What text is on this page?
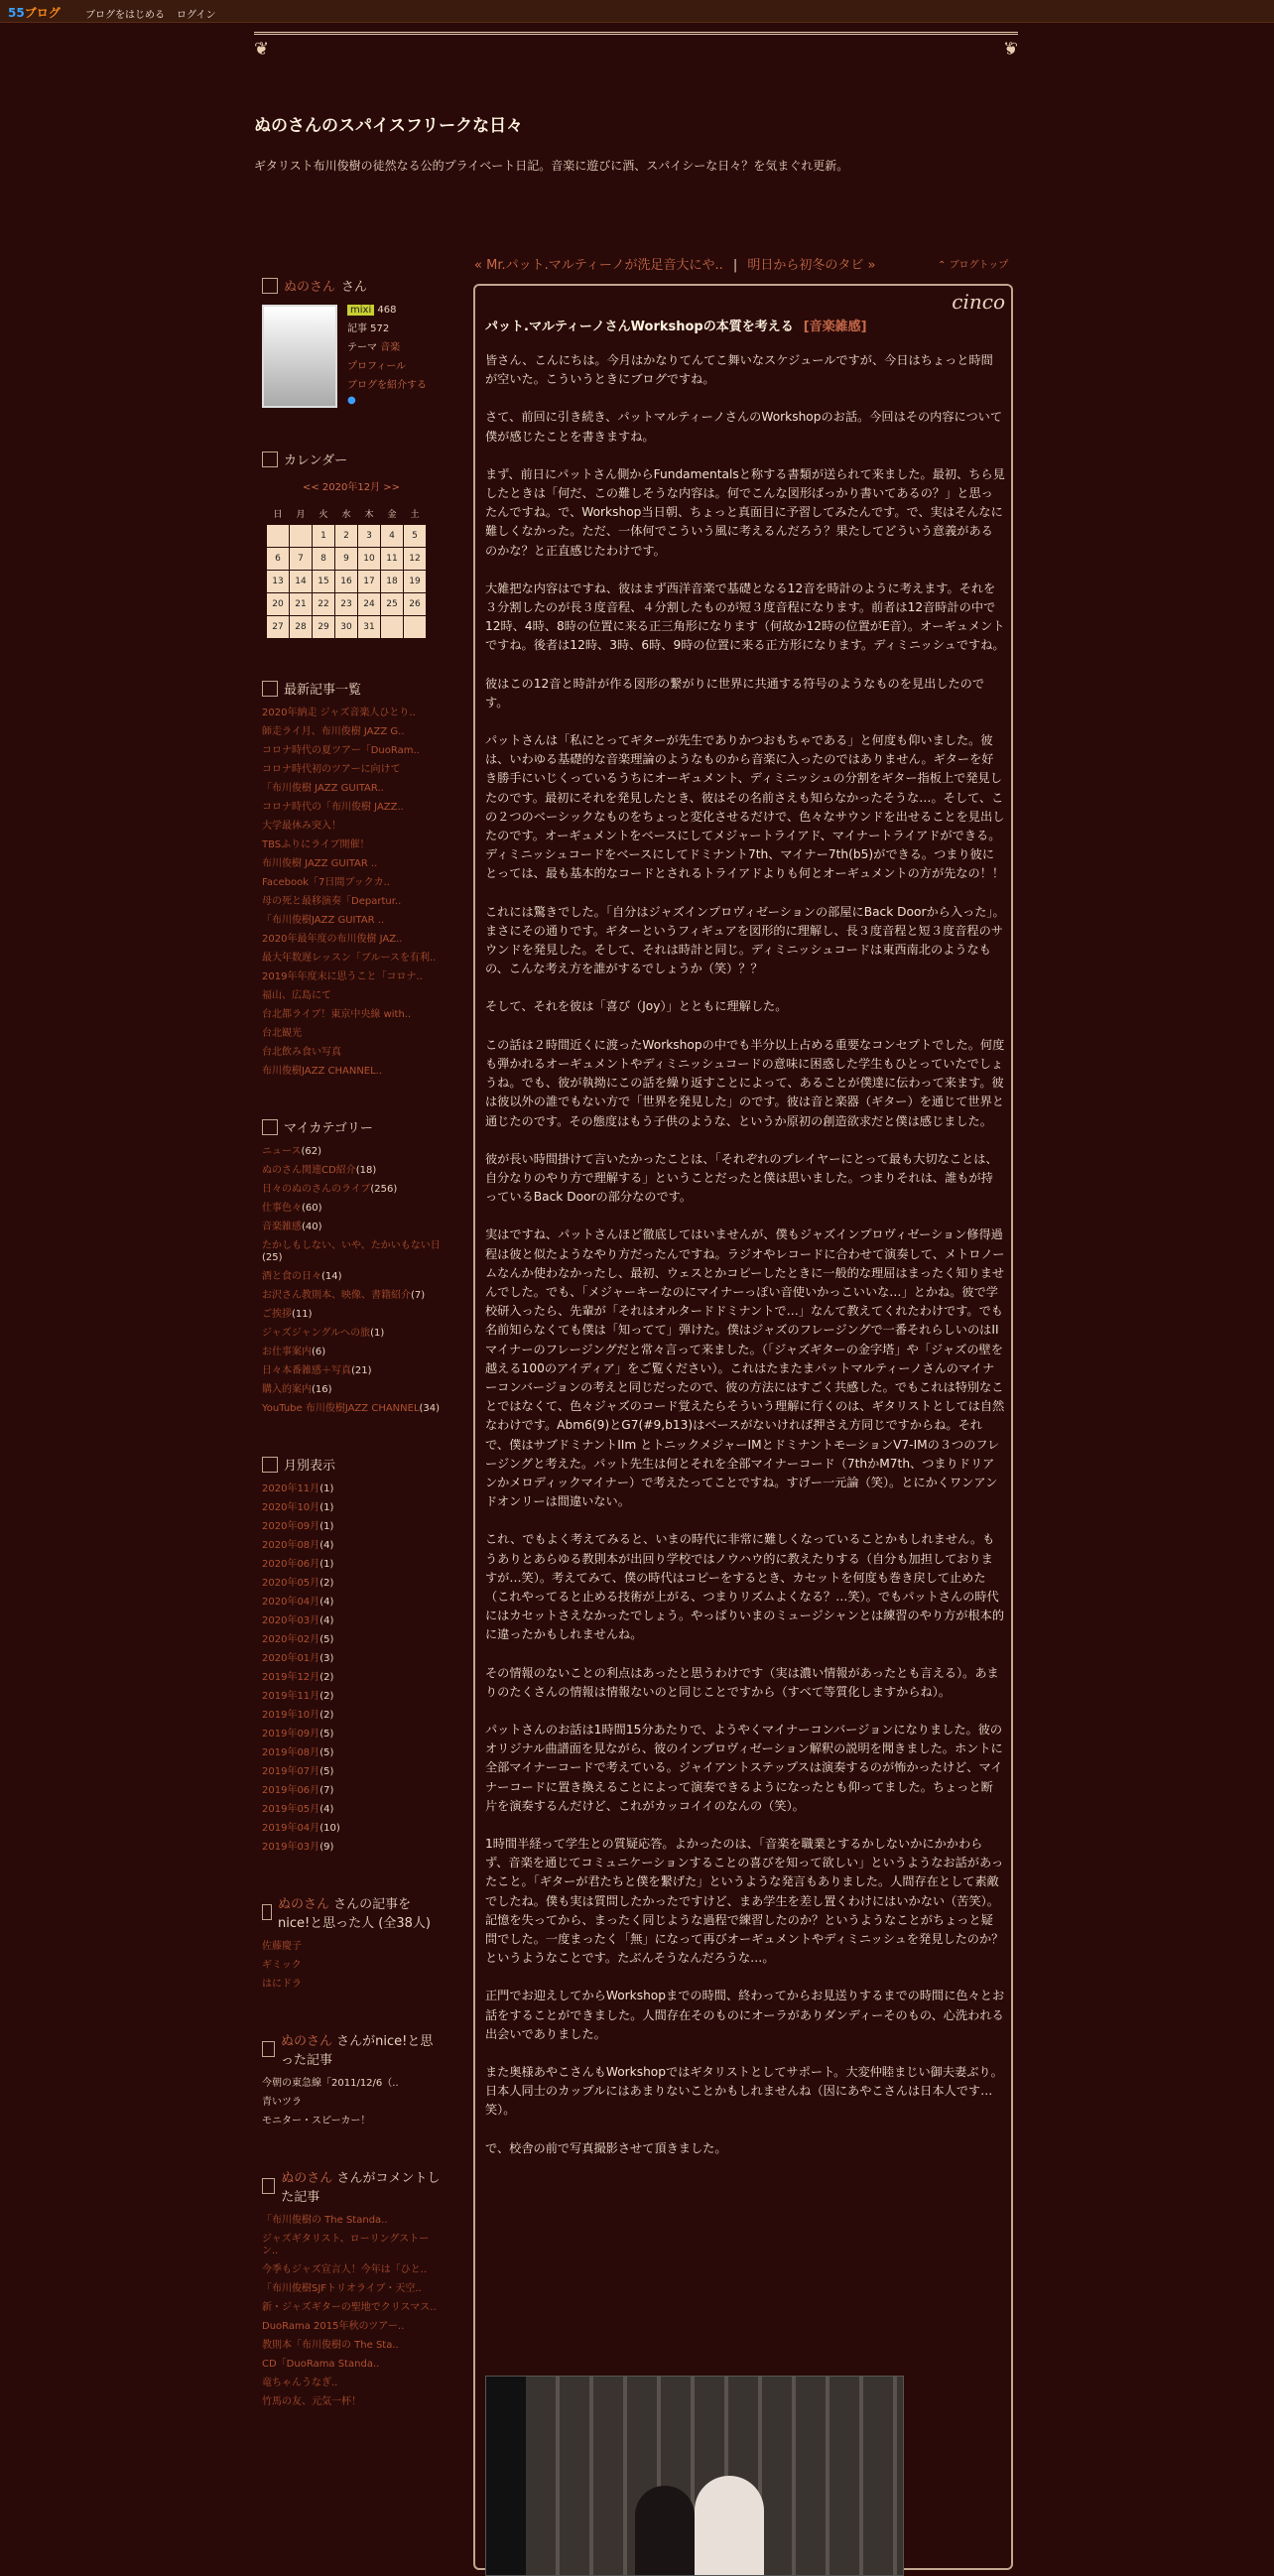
55ブログ	ブログをはじめる ログイン
❦ ❦
ぬのさんのスパイスフリークな日々
ギタリスト布川俊樹の徒然なる公的プライベート日記。音楽に遊びに酒、スパイシーな日々？を気まぐれ更新。
« Mr.パット.マルティーノが洗足音大にや.. | 明日から初冬のタビ »	⌃ ブログトップ
ぬのさん さん
mixi 468
記事 572
テーマ 音楽
プロフィール
ブログを紹介する
●
カレンダー
<< 2020年12月 >>
日	月	火	水	木	金	土
		1	2	3	4	5
6	7	8	9	10	11	12
13	14	15	16	17	18	19
20	21	22	23	24	25	26
27	28	29	30	31		
最新記事一覧
2020年納走 ジャズ音楽人ひとり..
師走ライ月、布川俊樹 JAZZ G..
コロナ時代の夏ツアー「DuoRam..
コロナ時代初のツアーに向けて
「布川俊樹 JAZZ GUITAR..
コロナ時代の「布川俊樹 JAZZ..
大学最休み突入！
TBSふりにライブ開催！
布川俊樹 JAZZ GUITAR ..
Facebook「7日間ブックカ..
母の死と最移演奏「Departur..
「布川俊樹JAZZ GUITAR ..
2020年最年度の布川俊樹 JAZ..
最大年数遅レッスン「ブルースを有利..
2019年年度末に思うこと「コロナ..
福山、広島にて
台北都ライブ！東京中央線 with..
台北観光
台北飲み食い写真
布川俊樹JAZZ CHANNEL..
マイカテゴリー
ニュース(62)
ぬのさん関連CD紹介(18)
日々のぬのさんのライブ(256)
仕事色々(60)
音楽雑感(40)
たかしもしない、いや、たかいもない日(25)
酒と食の日々(14)
お沢さん教則本、映像、書籍紹介(7)
ご挨拶(11)
ジャズジャングルへの旅(1)
お仕事案内(6)
日々本番雑感＋写真(21)
購入的案内(16)
YouTube 布川俊樹JAZZ CHANNEL(34)
月別表示
2020年11月(1)
2020年10月(1)
2020年09月(1)
2020年08月(4)
2020年06月(1)
2020年05月(2)
2020年04月(4)
2020年03月(4)
2020年02月(5)
2020年01月(3)
2019年12月(2)
2019年11月(2)
2019年10月(2)
2019年09月(5)
2019年08月(5)
2019年07月(5)
2019年06月(7)
2019年05月(4)
2019年04月(10)
2019年03月(9)
ぬのさん さんの記事をnice!と思った人 (全38人)
佐藤慶子
ギミック
はにドラ
ぬのさん さんがnice!と思った記事
今朝の東急線「2011/12/6（..
青いツラ
モニター・スピーカー！
ぬのさん さんがコメントした記事
「布川俊樹の The Standa..
ジャズギタリスト、ローリングストーン..
今季もジャズ宣言人！今年は「ひと..
「布川俊樹SJFトリオライブ・天空..
新・ジャズギターの聖地でクリスマス..
DuoRama 2015年秋のツアー..
教則本「布川俊樹の The Sta..
CD「DuoRama Standa..
竜ちゃんうなぎ..
竹馬の友、元気一杯！
cinco
パット.マルティーノさんWorkshopの本質を考える [音楽雑感]

皆さん、こんにちは。今月はかなりてんてこ舞いなスケジュールですが、今日はちょっと時間が空いた。こういうときにブログですね。

さて、前回に引き続き、パットマルティーノさんのWorkshopのお話。今回はその内容について僕が感じたことを書きますね。

まず、前日にパットさん側からFundamentalsと称する書類が送られて来ました。最初、ちら見したときは「何だ、この難しそうな内容は。何でこんな図形ばっかり書いてあるの？」と思ったんですね。で、Workshop当日朝、ちょっと真面目に予習してみたんです。で、実はそんなに難しくなかった。ただ、一体何でこういう風に考えるんだろう？果たしてどういう意義があるのかな？と正直感じたわけです。

大雑把な内容はですね、彼はまず西洋音楽で基礎となる12音を時計のように考えます。それを３分割したのが長３度音程、４分割したものが短３度音程になります。前者は12音時計の中で12時、4時、8時の位置に来る正三角形になります（何故か12時の位置がE音）。オーギュメントですね。後者は12時、3時、6時、9時の位置に来る正方形になります。ディミニッシュですね。

彼はこの12音と時計が作る図形の繋がりに世界に共通する符号のようなものを見出したのです。

パットさんは「私にとってギターが先生でありかつおもちゃである」と何度も仰いました。彼は、いわゆる基礎的な音楽理論のようなものから音楽に入ったのではありません。ギターを好き勝手にいじくっているうちにオーギュメント、ディミニッシュの分割をギター指板上で発見したのです。最初にそれを発見したとき、彼はその名前さえも知らなかったそうな…。そして、この２つのベーシックなものをちょっと変化させるだけで、色々なサウンドを出せることを見出したのです。オーギュメントをベースにしてメジャートライアド、マイナートライアドができる。ディミニッシュコードをベースにしてドミナント7th、マイナー7th(b5)ができる。つまり彼にとっては、最も基本的なコードとされるトライアドよりも何とオーギュメントの方が先なの！！

これには驚きでした。「自分はジャズインプロヴィゼーションの部屋にBack Doorから入った」。まさにその通りです。ギターというフィギュアを図形的に理解し、長３度音程と短３度音程のサウンドを発見した。そして、それは時計と同じ。ディミニッシュコードは東西南北のようなもの、こんな考え方を誰がするでしょうか（笑）？？

そして、それを彼は「喜び（Joy）」とともに理解した。

この話は２時間近くに渡ったWorkshopの中でも半分以上占める重要なコンセプトでした。何度も弾かれるオーギュメントやディミニッシュコードの意味に困惑した学生もひとっていたでしょうね。でも、彼が執拗にこの話を繰り返すことによって、あることが僕達に伝わって来ます。彼は彼以外の誰でもない方で「世界を発見した」のです。彼は音と楽器（ギター）を通じて世界と通じたのです。その態度はもう子供のような、というか原初の創造欲求だと僕は感じました。

彼が長い時間掛けて言いたかったことは、「それぞれのプレイヤーにとって最も大切なことは、自分なりのやり方で理解する」ということだったと僕は思いました。つまりそれは、誰もが持っているBack Doorの部分なのです。

実はですね、パットさんほど徹底してはいませんが、僕もジャズインプロヴィゼーション修得過程は彼と似たようなやり方だったんですね。ラジオやレコードに合わせて演奏して、メトロノームなんか使わなかったし、最初、ウェスとかコピーしたときに一般的な理屈はまったく知りませんでした。でも、「メジャーキーなのにマイナーっぽい音使いかっこいいな…」とかね。彼で学校研入ったら、先輩が「それはオルタードドミナントで…」なんて教えてくれたわけです。でも名前知らなくても僕は「知ってて」弾けた。僕はジャズのフレージングで一番それらしいのはIIマイナーのフレージングだと常々言って来ました。（「ジャズギターの金字塔」や「ジャズの壁を越える100のアイディア」をご覧ください）。これはたまたまパットマルティーノさんのマイナーコンバージョンの考えと同じだったので、彼の方法にはすごく共感した。でもこれは特別なことではなくて、色々ジャズのコード覚えたらそういう理解に行くのは、ギタリストとしては自然なわけです。Abm6(9)とG7(#9,b13)はベースがないければ押さえ方同じですからね。それで、僕はサブドミナントIIm とトニックメジャーIMとドミナントモーションV7-IMの３つのフレージングと考えた。パット先生は何とそれを全部マイナーコード（7thかM7th、つまりドリアンかメロディックマイナー）で考えたってことですね。すげー一元論（笑）。とにかくワンアンドオンリーは間違いない。

これ、でもよく考えてみると、いまの時代に非常に難しくなっていることかもしれません。もうありとあらゆる教則本が出回り学校ではノウハウ的に教えたりする（自分も加担しておりますが…笑）。考えてみて、僕の時代はコピーをするとき、カセットを何度も巻き戻して止めた（これやってると止める技術が上がる、つまりリズムよくなる？…笑）。でもパットさんの時代にはカセットさえなかったでしょう。やっぱりいまのミュージシャンとは練習のやり方が根本的に違ったかもしれませんね。

その情報のないことの利点はあったと思うわけです（実は濃い情報があったとも言える）。あまりのたくさんの情報は情報ないのと同じことですから（すべて等質化しますからね）。

パットさんのお話は1時間15分あたりで、ようやくマイナーコンバージョンになりました。彼のオリジナル曲譜面を見ながら、彼のインプロヴィゼーション解釈の説明を聞きました。ホントに全部マイナーコードで考えている。ジャイアントステップスは演奏するのが怖かったけど、マイナーコードに置き換えることによって演奏できるようになったとも仰ってました。ちょっと断片を演奏するんだけど、これがカッコイイのなんの（笑）。

1時間半経って学生との質疑応答。よかったのは、「音楽を職業とするかしないかにかかわらず、音楽を通じてコミュニケーションすることの喜びを知って欲しい」というようなお話があったこと。「ギターが君たちと僕を繋げた」というような発言もありました。人間存在として素敵でしたね。僕も実は質問したかったですけど、まあ学生を差し置くわけにはいかない（苦笑）。記憶を失ってから、まったく同じような過程で練習したのか？というようなことがちょっと疑問でした。一度まったく「無」になって再びオーギュメントやディミニッシュを発見したのか？というようなことです。たぶんそうなんだろうな…。

正門でお迎えしてからWorkshopまでの時間、終わってからお見送りするまでの時間に色々とお話をすることができました。人間存在そのものにオーラがありダンディーそのもの、心洗われる出会いでありました。

また奥様あやこさんもWorkshopではギタリストとしてサポート。大変仲睦まじい御夫妻ぶり。日本人同士のカップルにはあまりないことかもしれませんね（因にあやこさんは日本人です…笑）。

で、校舎の前で写真撮影させて頂きました。
